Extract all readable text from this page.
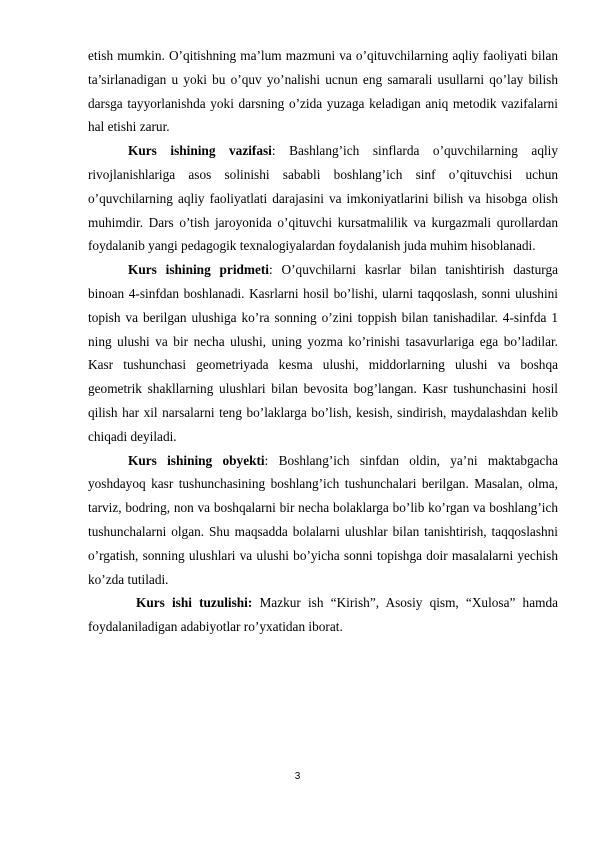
etish mumkin. O’qitishning ma’lum mazmuni va o’qituvchilarning aqliy faoliyati bilan ta’sirlanadigan u yoki bu o’quv yo’nalishi ucnun eng samarali usullarni qo’lay bilish darsga tayyorlanishda yoki darsning o’zida yuzaga keladigan aniq metodik vazifalarni hal etishi zarur.

Kurs ishining vazifasi: Bashlang’ich sinflarda o’quvchilarning aqliy rivojlanishlariga asos solinishi sababli boshlang’ich sinf o’qituvchisi uchun o’quvchilarning aqliy faoliyatlati darajasini va imkoniyatlarini bilish va hisobga olish muhimdir. Dars o’tish jaroyonida o’qituvchi kursatmalilik va kurgazmali qurollardan foydalanib yangi pedagogik texnalogiyalardan foydalanish juda muhim hisoblanadi.

Kurs ishining pridmeti: O’quvchilarni kasrlar bilan tanishtirish dasturga binoan 4-sinfdan boshlanadi. Kasrlarni hosil bo’lishi, ularni taqqoslash, sonni ulushini topish va berilgan ulushiga ko’ra sonning o’zini toppish bilan tanishadilar. 4-sinfda 1 ning ulushi va bir necha ulushi, uning yozma ko’rinishi tasavurlariga ega bo’ladilar. Kasr tushunchasi geometriyada kesma ulushi, middorlarning ulushi va boshqa geometrik shakllarning ulushlari bilan bevosita bog’langan. Kasr tushunchasini hosil qilish har xil narsalarni teng bo’laklarga bo’lish, kesish, sindirish, maydalashdan kelib chiqadi deyiladi.

Kurs ishining obyekti: Boshlang’ich sinfdan oldin, ya’ni maktabgacha yoshdayoq kasr tushunchasining boshlang’ich tushunchalari berilgan. Masalan, olma, tarviz, bodring, non va boshqalarni bir necha bolaklarga bo’lib ko’rgan va boshlang’ich tushunchalarni olgan. Shu maqsadda bolalarni ulushlar bilan tanishtirish, taqqoslashni o’rgatish, sonning ulushlari va ulushi bo’yicha sonni topishga doir masalalarni yechish ko’zda tutiladi.

Kurs ishi tuzulishi: Mazkur ish “Kirish”, Asosiy qism, “Xulosa” hamda foydalaniladigan adabiyotlar ro’yxatidan iborat.

3
